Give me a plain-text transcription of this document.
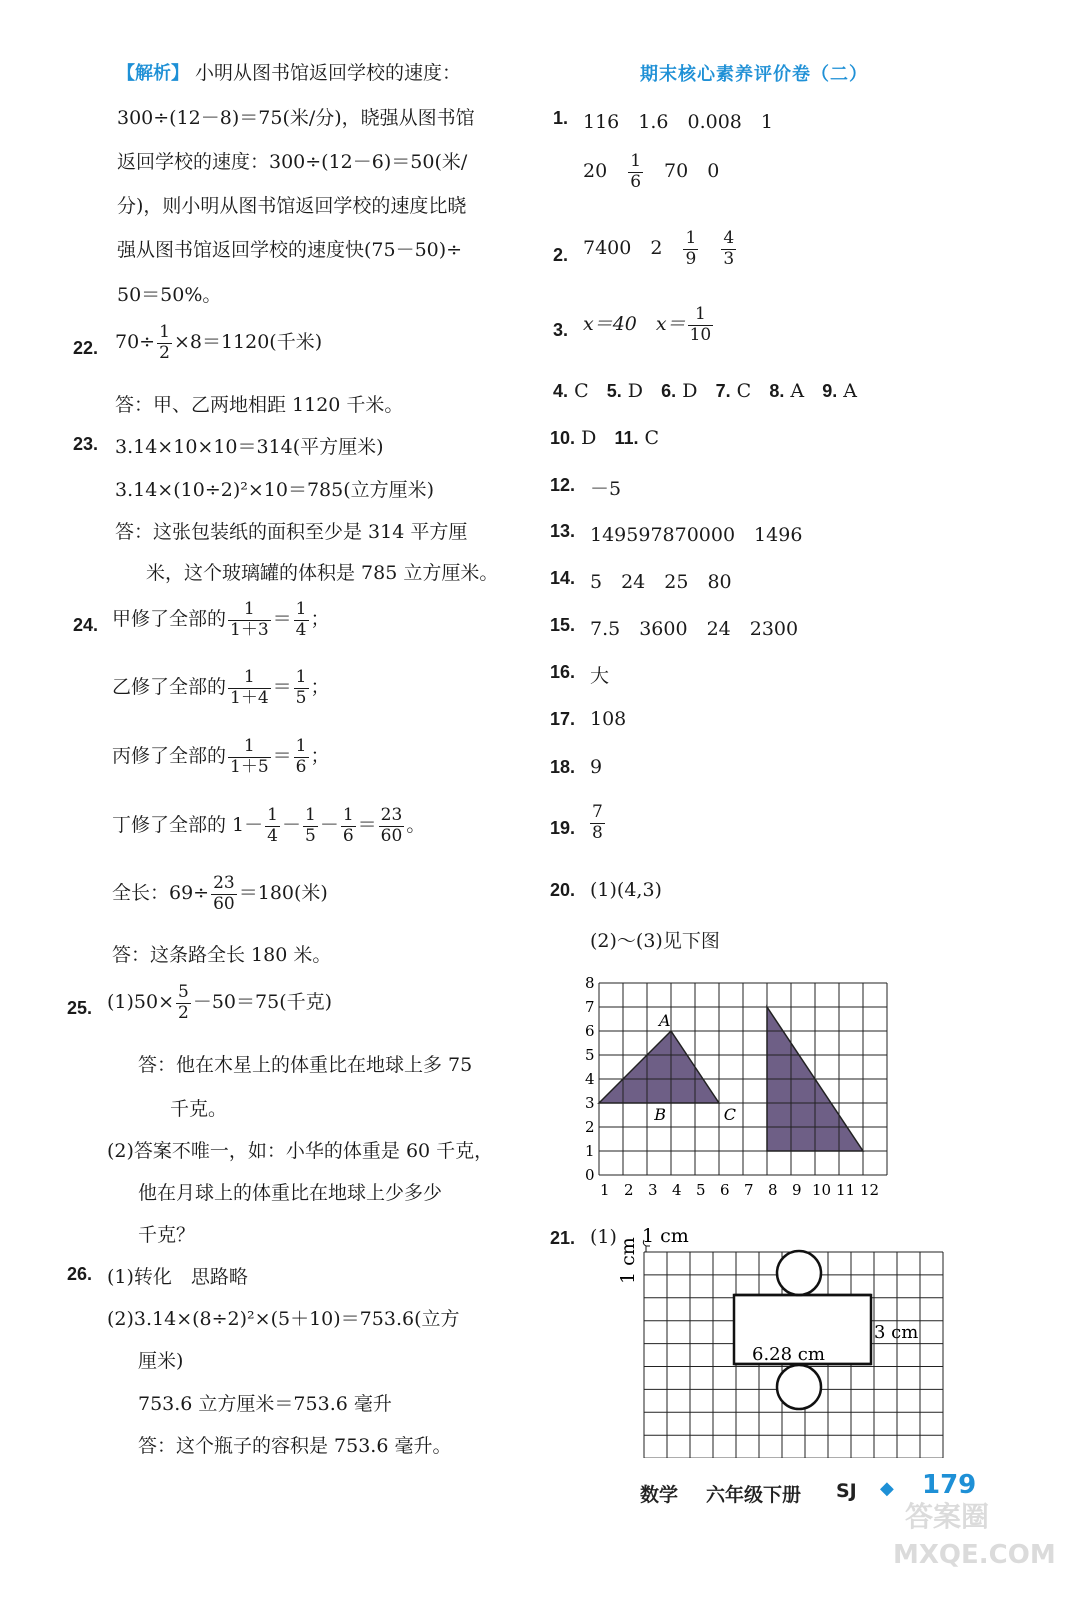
【解析】 小明从图书馆返回学校的速度：
300÷(12－8)＝75(米/分)，晓强从图书馆
返回学校的速度：300÷(12－6)＝50(米/
分)，则小明从图书馆返回学校的速度比晓
强从图书馆返回学校的速度快(75－50)÷
50＝50%。
22. $70\div \frac{1}{2} \times 8=1120$(千米)
答：甲、乙两地相距 1120 千米。
23. 3.14×10×10＝314(平方厘米)
3.14×(10÷2)²×10＝785(立方厘米)
答：这张包装纸的面积至少是 314 平方厘
米，这个玻璃罐的体积是 785 立方厘米。
24. 甲修了全部的 $\frac{1}{1+3} = \frac{1}{4}$ ；
乙修了全部的 $\frac{1}{1+4} = \frac{1}{5}$ ；
丙修了全部的 $\frac{1}{1+5} = \frac{1}{6}$ ；
丁修了全部的 $1- \frac{1}{4} - \frac{1}{5} - \frac{1}{6} = \frac{23}{60}$ 。
全长：$69\div \frac{23}{60} =180$(米)
答：这条路全长 180 米。
25. $(1)50\times \frac{5}{2} -50=75$(千克)
答：他在木星上的体重比在地球上多 75
千克。
(2)答案不唯一，如：小华的体重是 60 千克，
他在月球上的体重比在地球上少多少
千克？
26. (1)转化　思路略
(2)3.14×(8÷2)²×(5＋10)＝753.6(立方
厘米)
753.6 立方厘米＝753.6 毫升
答：这个瓶子的容积是 753.6 毫升。
期末核心素养评价卷（二）
1. 116　1.6　0.008　1
20　 $\frac{1}{6}$
　 70　0
2. 7400　2　 $\frac{1}{9}$
　 $\frac{4}{3}$
3. x＝40　$x= \frac{1}{10}$
4. C 5. D 6. D 7. C 8. A 9. A
10. D 11. C
12. －5
13. 149597870000　1496
14. 5　24　25　80
15. 7.5　3600　24　2300
16. 大
17. 108
18. 9
19. $\frac{7}{8}$
20. (1)(4,3)
(2)～(3)见下图
A
B	C
8
7
6
5
4
3
2
1
0
1 2 3 4 5 6 7 8 9 10 11 12
21. (1) 1 cm
1 cm
6.28 cm
3 cm
数学 六年级下册 SJ ◆ 179
答案圈
MXQE.COM
